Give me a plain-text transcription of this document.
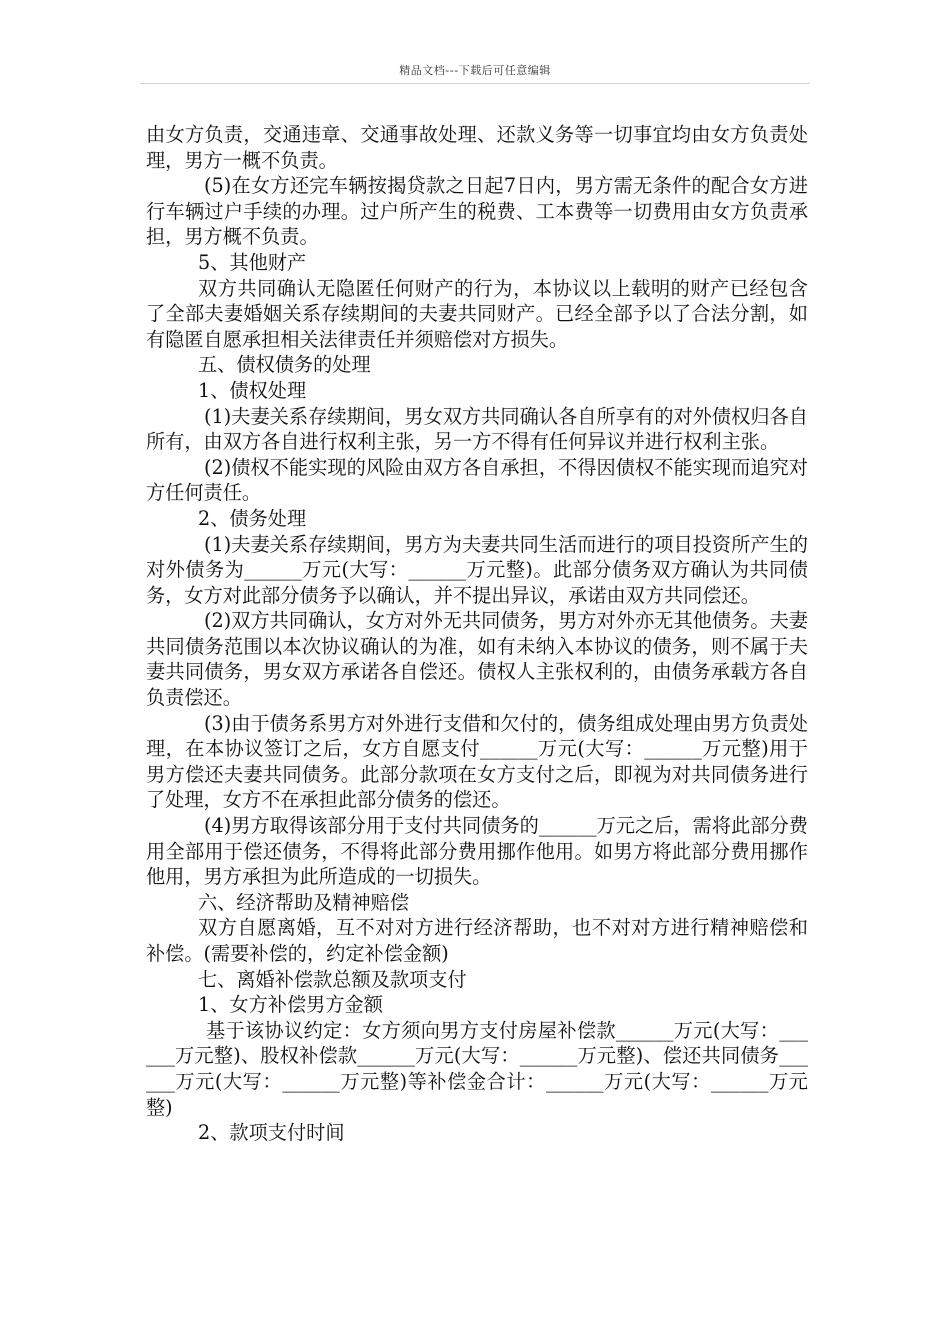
精品文档---下载后可任意编辑

由女方负责，交通违章、交通事故处理、还款义务等一切事宜均由女方负责处理，男方一概不负责。

(5)在女方还完车辆按揭贷款之日起7日内，男方需无条件的配合女方进行车辆过户手续的办理。过户所产生的税费、工本费等一切费用由女方负责承担，男方概不负责。

5、其他财产

双方共同确认无隐匿任何财产的行为，本协议以上载明的财产已经包含了全部夫妻婚姻关系存续期间的夫妻共同财产。已经全部予以了合法分割，如有隐匿自愿承担相关法律责任并须赔偿对方损失。

五、债权债务的处理

1、债权处理

(1)夫妻关系存续期间，男女双方共同确认各自所享有的对外债权归各自所有，由双方各自进行权利主张，另一方不得有任何异议并进行权利主张。

(2)债权不能实现的风险由双方各自承担，不得因债权不能实现而追究对方任何责任。

2、债务处理

(1)夫妻关系存续期间，男方为夫妻共同生活而进行的项目投资所产生的对外债务为______万元(大写：______万元整)。此部分债务双方确认为共同债务，女方对此部分债务予以确认，并不提出异议，承诺由双方共同偿还。

(2)双方共同确认，女方对外无共同债务，男方对外亦无其他债务。夫妻共同债务范围以本次协议确认的为准，如有未纳入本协议的债务，则不属于夫妻共同债务，男女双方承诺各自偿还。债权人主张权利的，由债务承载方各自负责偿还。

(3)由于债务系男方对外进行支借和欠付的，债务组成处理由男方负责处理，在本协议签订之后，女方自愿支付______万元(大写：______万元整)用于男方偿还夫妻共同债务。此部分款项在女方支付之后，即视为对共同债务进行了处理，女方不在承担此部分债务的偿还。

(4)男方取得该部分用于支付共同债务的______万元之后，需将此部分费用全部用于偿还债务，不得将此部分费用挪作他用。如男方将此部分费用挪作他用，男方承担为此所造成的一切损失。

六、经济帮助及精神赔偿

双方自愿离婚，互不对对方进行经济帮助，也不对对方进行精神赔偿和补偿。(需要补偿的，约定补偿金额)

七、离婚补偿款总额及款项支付

1、女方补偿男方金额

基于该协议约定：女方须向男方支付房屋补偿款______万元(大写：______万元整)、股权补偿款______万元(大写：______万元整)、偿还共同债务______万元(大写：______万元整)等补偿金合计：______万元(大写：______万元整)

2、款项支付时间
